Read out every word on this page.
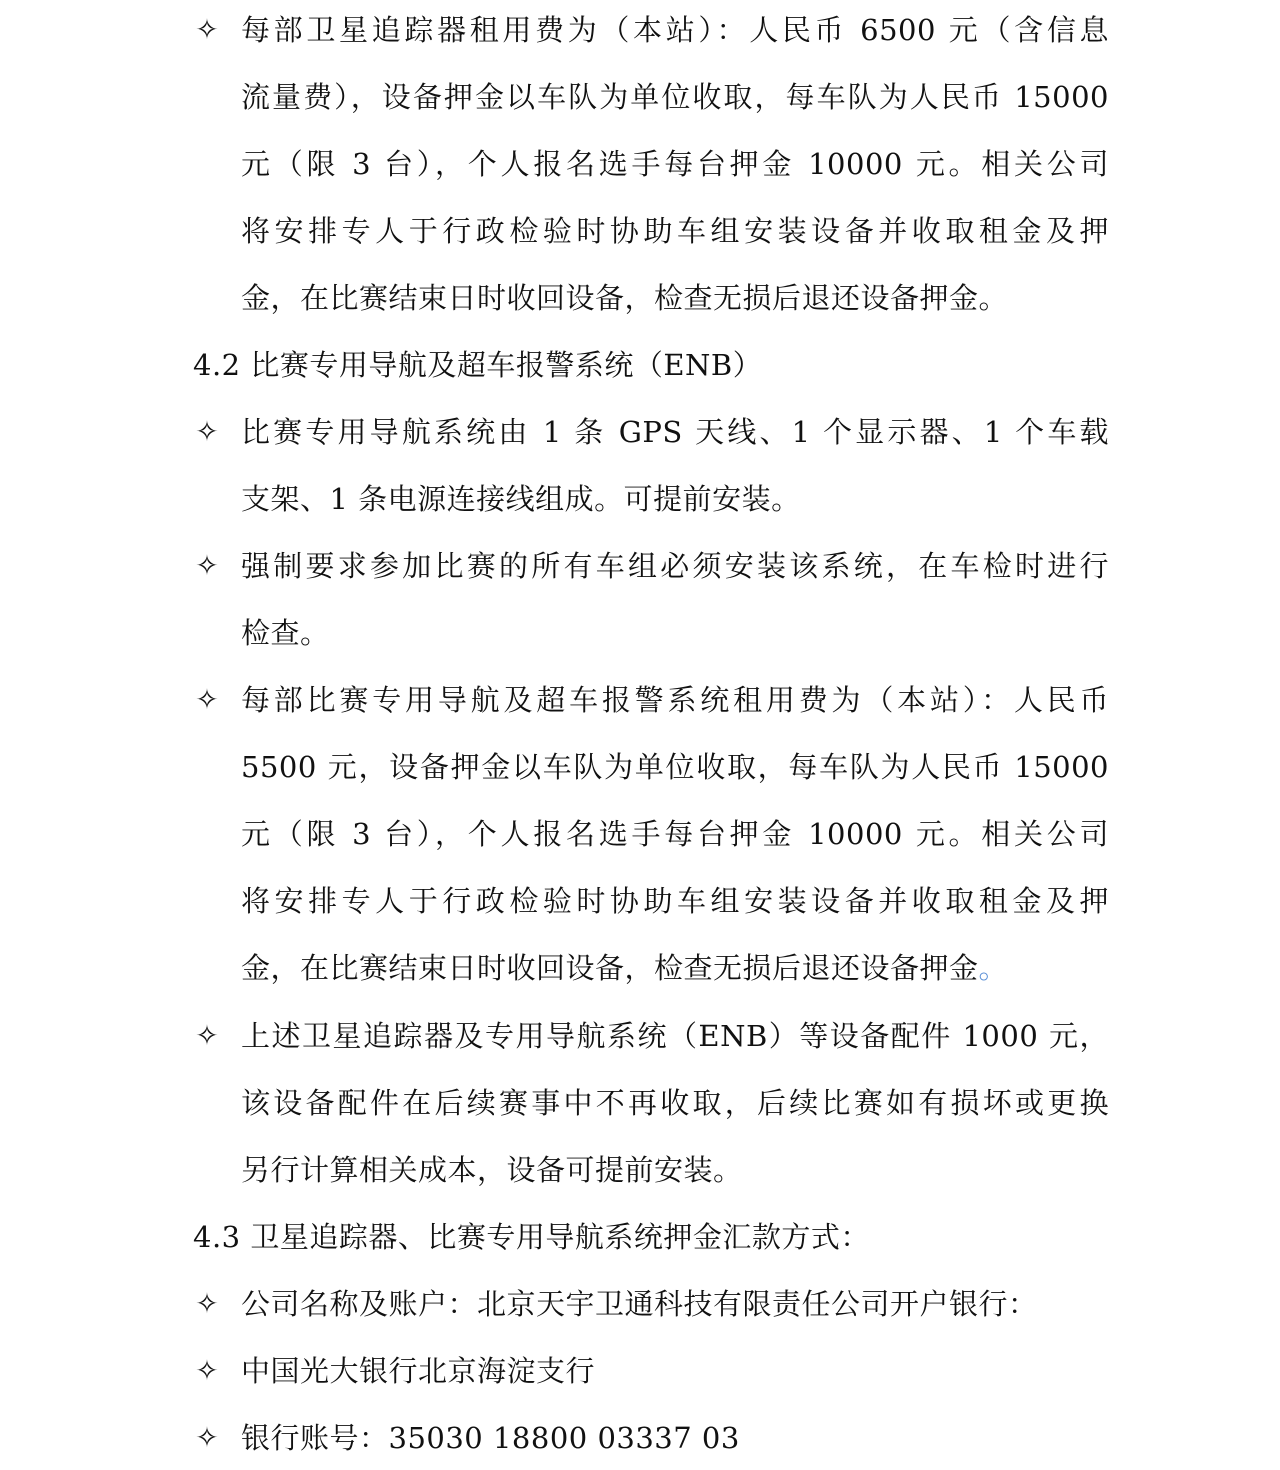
✧ 每部卫星追踪器租用费为（本站）：人民币 6500 元（含信息
流量费），设备押金以车队为单位收取，每车队为人民币 15000
元（限 3 台），个人报名选手每台押金 10000 元。相关公司
将安排专人于行政检验时协助车组安装设备并收取租金及押
金，在比赛结束日时收回设备，检查无损后退还设备押金。
4.2 比赛专用导航及超车报警系统（ENB）
✧ 比赛专用导航系统由 1 条 GPS 天线、1 个显示器、1 个车载
支架、1 条电源连接线组成。可提前安装。
✧ 强制要求参加比赛的所有车组必须安装该系统，在车检时进行
检查。
✧ 每部比赛专用导航及超车报警系统租用费为（本站）：人民币
5500 元，设备押金以车队为单位收取，每车队为人民币 15000
元（限 3 台），个人报名选手每台押金 10000 元。相关公司
将安排专人于行政检验时协助车组安装设备并收取租金及押
金，在比赛结束日时收回设备，检查无损后退还设备押金。
✧ 上述卫星追踪器及专用导航系统（ENB）等设备配件 1000 元，
该设备配件在后续赛事中不再收取，后续比赛如有损坏或更换
另行计算相关成本，设备可提前安装。
4.3 卫星追踪器、比赛专用导航系统押金汇款方式：
✧ 公司名称及账户：北京天宇卫通科技有限责任公司开户银行：
✧ 中国光大银行北京海淀支行
✧ 银行账号：35030 18800 03337 03
